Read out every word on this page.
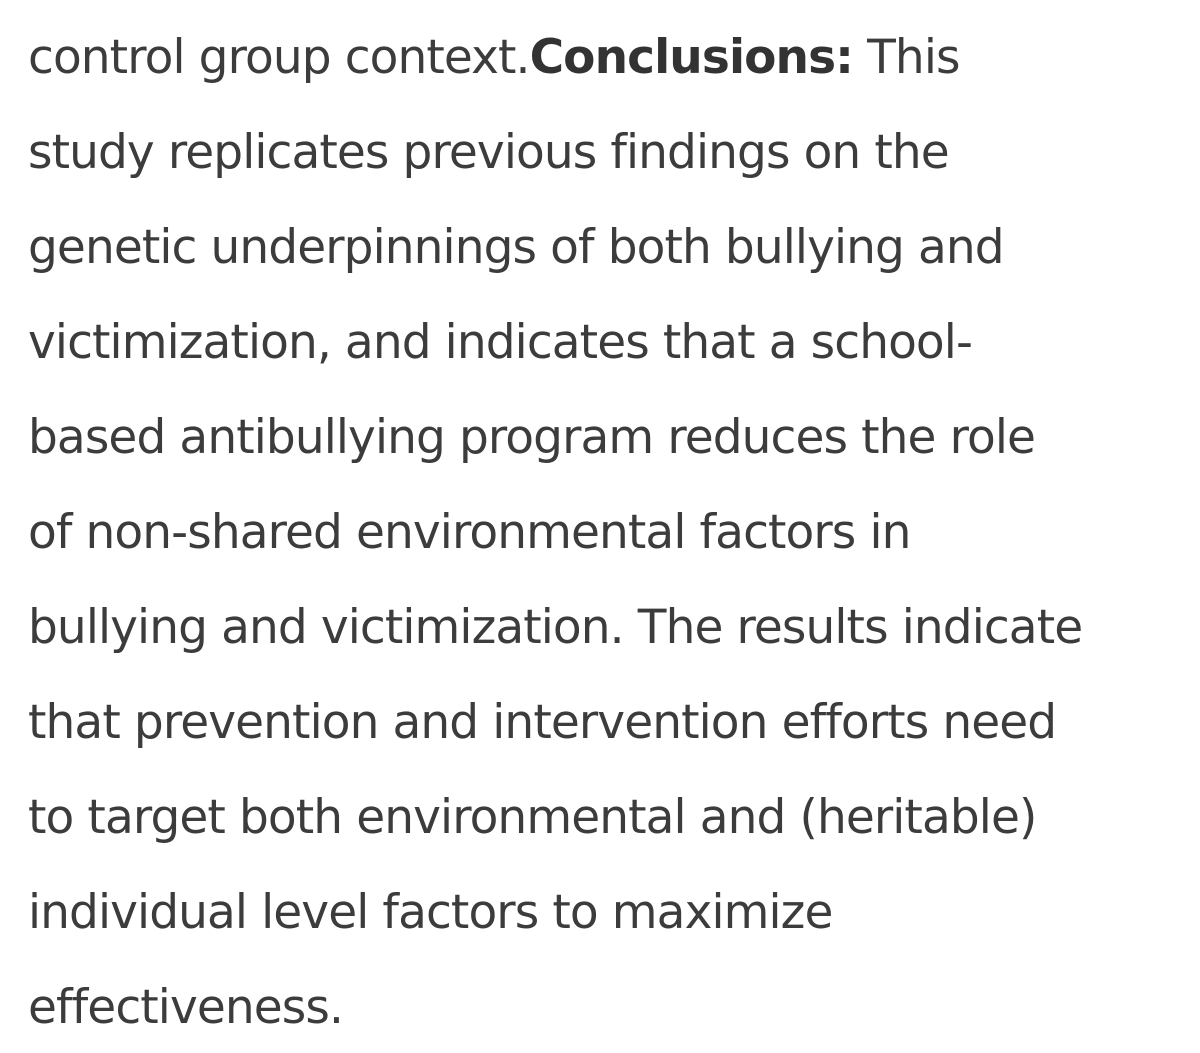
control group context.Conclusions: This
study replicates previous findings on the
genetic underpinnings of both bullying and
victimization, and indicates that a school-
based antibullying program reduces the role
of non-shared environmental factors in
bullying and victimization. The results indicate
that prevention and intervention efforts need
to target both environmental and (heritable)
individual level factors to maximize
effectiveness.
